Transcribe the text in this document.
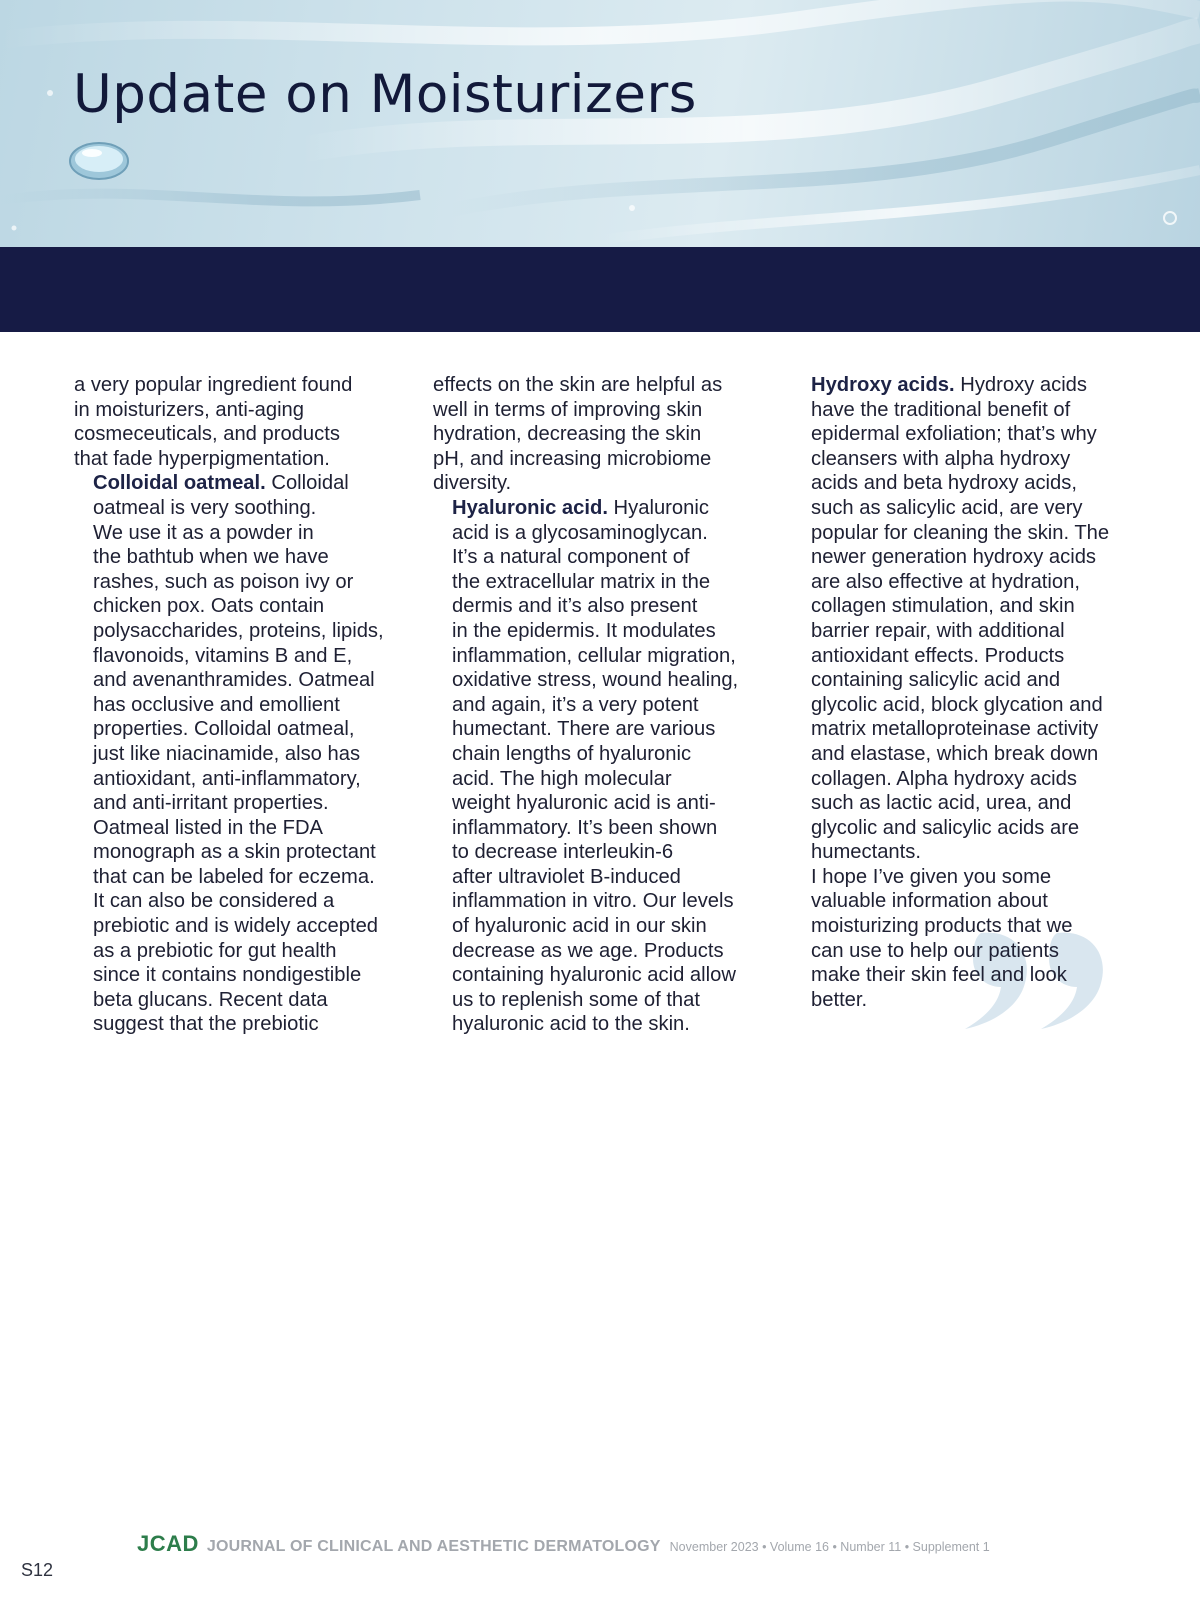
Update on Moisturizers

a very popular ingredient found
in moisturizers, anti-aging
cosmeceuticals, and products
that fade hyperpigmentation.

Colloidal oatmeal. Colloidal
oatmeal is very soothing.
We use it as a powder in
the bathtub when we have
rashes, such as poison ivy or
chicken pox. Oats contain
polysaccharides, proteins, lipids,
flavonoids, vitamins B and E,
and avenanthramides. Oatmeal
has occlusive and emollient
properties. Colloidal oatmeal,
just like niacinamide, also has
antioxidant, anti-inflammatory,
and anti-irritant properties.
Oatmeal listed in the FDA
monograph as a skin protectant
that can be labeled for eczema.
It can also be considered a
prebiotic and is widely accepted
as a prebiotic for gut health
since it contains nondigestible
beta glucans. Recent data
suggest that the prebiotic

effects on the skin are helpful as
well in terms of improving skin
hydration, decreasing the skin
pH, and increasing microbiome
diversity.

Hyaluronic acid. Hyaluronic
acid is a glycosaminoglycan.
It’s a natural component of
the extracellular matrix in the
dermis and it’s also present
in the epidermis. It modulates
inflammation, cellular migration,
oxidative stress, wound healing,
and again, it’s a very potent
humectant. There are various
chain lengths of hyaluronic
acid. The high molecular
weight hyaluronic acid is anti-
inflammatory. It’s been shown
to decrease interleukin-6
after ultraviolet B-induced
inflammation in vitro. Our levels
of hyaluronic acid in our skin
decrease as we age. Products
containing hyaluronic acid allow
us to replenish some of that
hyaluronic acid to the skin.

Hydroxy acids. Hydroxy acids
have the traditional benefit of
epidermal exfoliation; that’s why
cleansers with alpha hydroxy
acids and beta hydroxy acids,
such as salicylic acid, are very
popular for cleaning the skin. The
newer generation hydroxy acids
are also effective at hydration,
collagen stimulation, and skin
barrier repair, with additional
antioxidant effects. Products
containing salicylic acid and
glycolic acid, block glycation and
matrix metalloproteinase activity
and elastase, which break down
collagen. Alpha hydroxy acids
such as lactic acid, urea, and
glycolic and salicylic acids are
humectants.

I hope I’ve given you some
valuable information about
moisturizing products that we
can use to help our patients
make their skin feel and look
better.

JCAD JOURNAL OF CLINICAL AND AESTHETIC DERMATOLOGY November 2023 • Volume 16 • Number 11 • Supplement 1
S12
